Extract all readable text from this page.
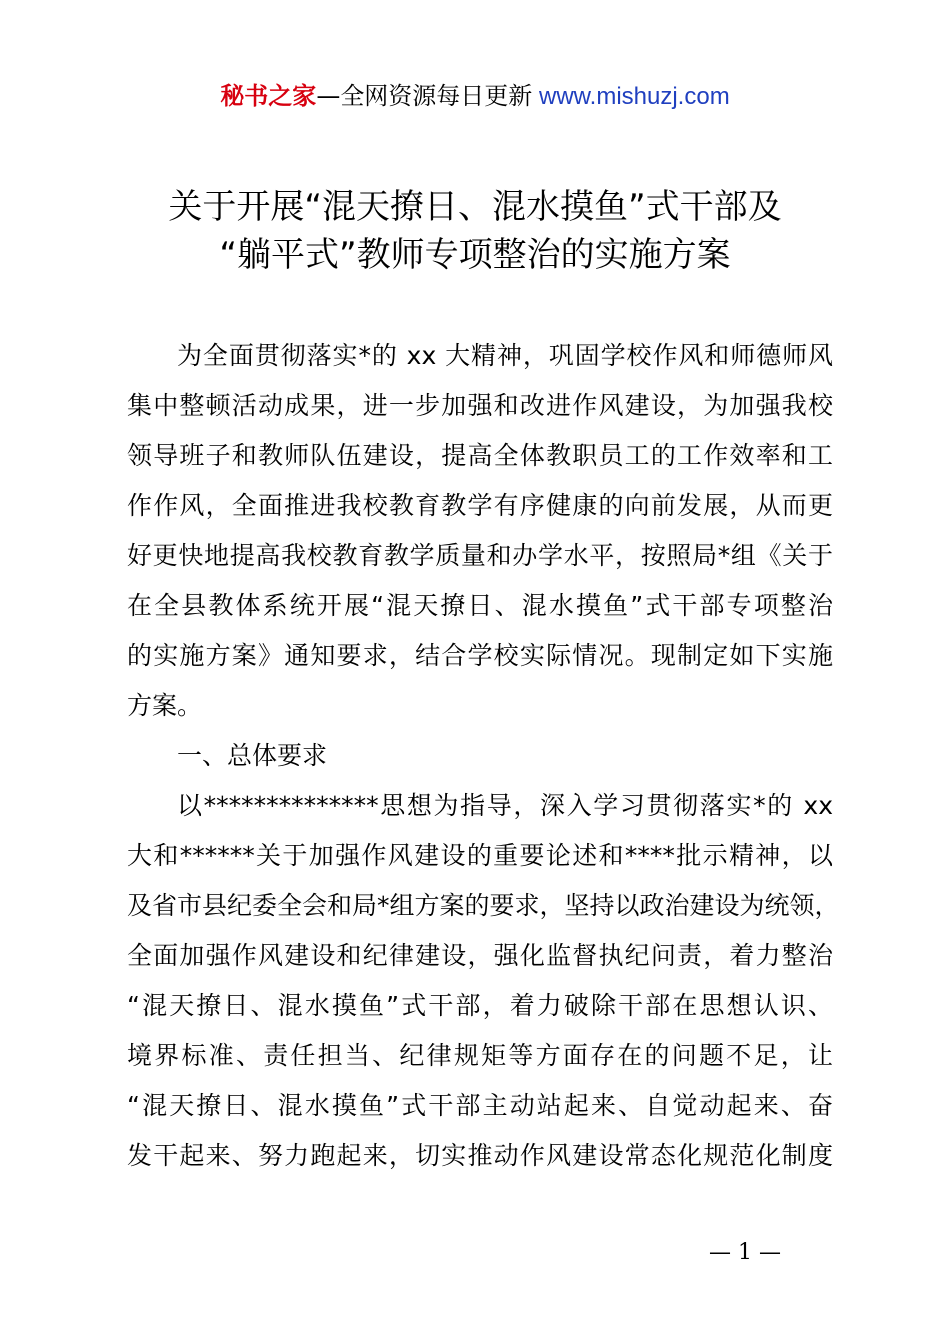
秘书之家—全网资源每日更新 www.mishuzj.com
关于开展“混天撩日、混水摸鱼”式干部及
“躺平式”教师专项整治的实施方案
为全面贯彻落实*的 xx 大精神，巩固学校作风和师德师风
集中整顿活动成果，进一步加强和改进作风建设，为加强我校
领导班子和教师队伍建设，提高全体教职员工的工作效率和工
作作风，全面推进我校教育教学有序健康的向前发展，从而更
好更快地提高我校教育教学质量和办学水平，按照局*组《关于
在全县教体系统开展“混天撩日、混水摸鱼”式干部专项整治
的实施方案》通知要求，结合学校实际情况。现制定如下实施
方案。
一、总体要求
以**************思想为指导，深入学习贯彻落实*的 xx
大和******关于加强作风建设的重要论述和****批示精神，以
及省市县纪委全会和局*组方案的要求，坚持以政治建设为统领，
全面加强作风建设和纪律建设，强化监督执纪问责，着力整治
“混天撩日、混水摸鱼”式干部，着力破除干部在思想认识、
境界标准、责任担当、纪律规矩等方面存在的问题不足，让
“混天撩日、混水摸鱼”式干部主动站起来、自觉动起来、奋
发干起来、努力跑起来，切实推动作风建设常态化规范化制度
— 1 —
